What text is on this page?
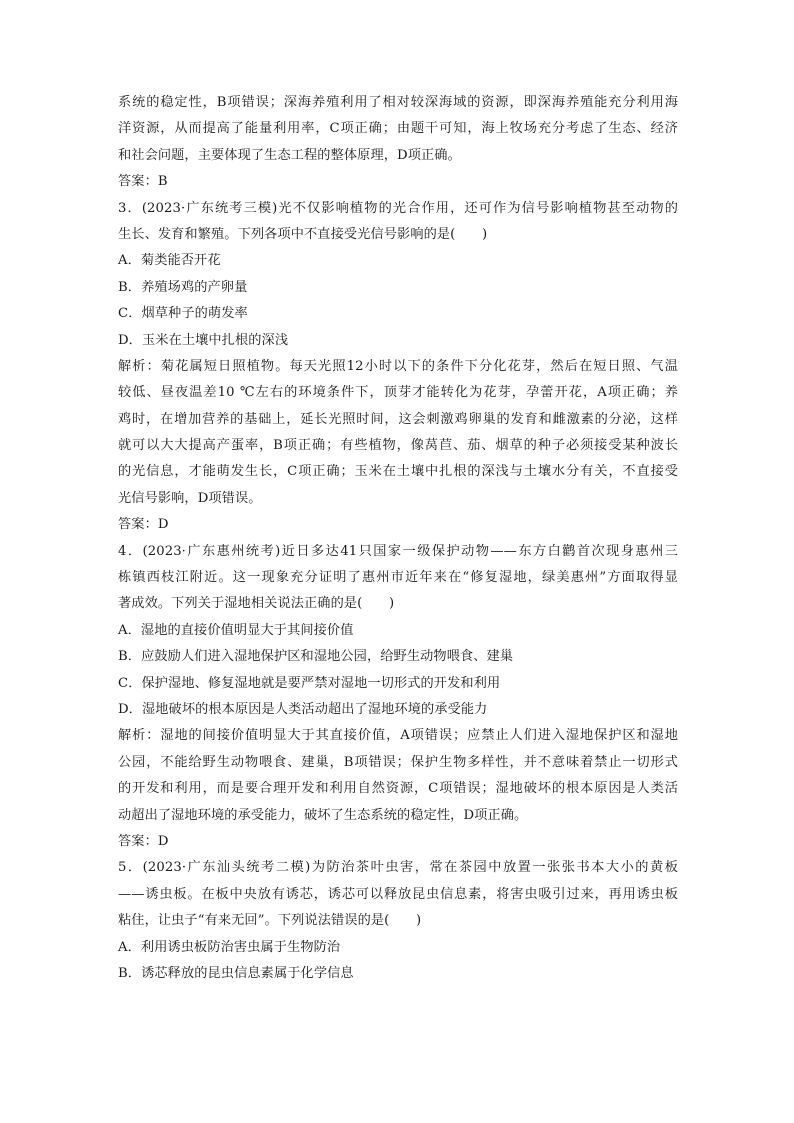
系统的稳定性，B项错误；深海养殖利用了相对较深海域的资源，即深海养殖能充分利用海
洋资源，从而提高了能量利用率，C项正确；由题干可知，海上牧场充分考虑了生态、经济
和社会问题，主要体现了生态工程的整体原理，D项正确。
答案：B
3．(2023·广东统考三模)光不仅影响植物的光合作用，还可作为信号影响植物甚至动物的
生长、发育和繁殖。下列各项中不直接受光信号影响的是(　　)
A．菊类能否开花
B．养殖场鸡的产卵量
C．烟草种子的萌发率
D．玉米在土壤中扎根的深浅
解析：菊花属短日照植物。每天光照12小时以下的条件下分化花芽，然后在短日照、气温
较低、昼夜温差10 ℃左右的环境条件下，顶芽才能转化为花芽，孕蕾开花，A项正确；养
鸡时，在增加营养的基础上，延长光照时间，这会刺激鸡卵巢的发育和雌激素的分泌，这样
就可以大大提高产蛋率，B项正确；有些植物，像莴苣、茄、烟草的种子必须接受某种波长
的光信息，才能萌发生长，C项正确；玉米在土壤中扎根的深浅与土壤水分有关，不直接受
光信号影响，D项错误。
答案：D
4．(2023·广东惠州统考)近日多达41只国家一级保护动物——东方白鹳首次现身惠州三
栋镇西枝江附近。这一现象充分证明了惠州市近年来在“修复湿地，绿美惠州”方面取得显
著成效。下列关于湿地相关说法正确的是(　　)
A．湿地的直接价值明显大于其间接价值
B．应鼓励人们进入湿地保护区和湿地公园，给野生动物喂食、建巢
C．保护湿地、修复湿地就是要严禁对湿地一切形式的开发和利用
D．湿地破坏的根本原因是人类活动超出了湿地环境的承受能力
解析：湿地的间接价值明显大于其直接价值，A项错误；应禁止人们进入湿地保护区和湿地
公园，不能给野生动物喂食、建巢，B项错误；保护生物多样性，并不意味着禁止一切形式
的开发和利用，而是要合理开发和利用自然资源，C项错误；湿地破坏的根本原因是人类活
动超出了湿地环境的承受能力，破坏了生态系统的稳定性，D项正确。
答案：D
5．(2023·广东汕头统考二模)为防治茶叶虫害，常在茶园中放置一张张书本大小的黄板
——诱虫板。在板中央放有诱芯，诱芯可以释放昆虫信息素，将害虫吸引过来，再用诱虫板
粘住，让虫子“有来无回”。下列说法错误的是(　　)
A．利用诱虫板防治害虫属于生物防治
B．诱芯释放的昆虫信息素属于化学信息
